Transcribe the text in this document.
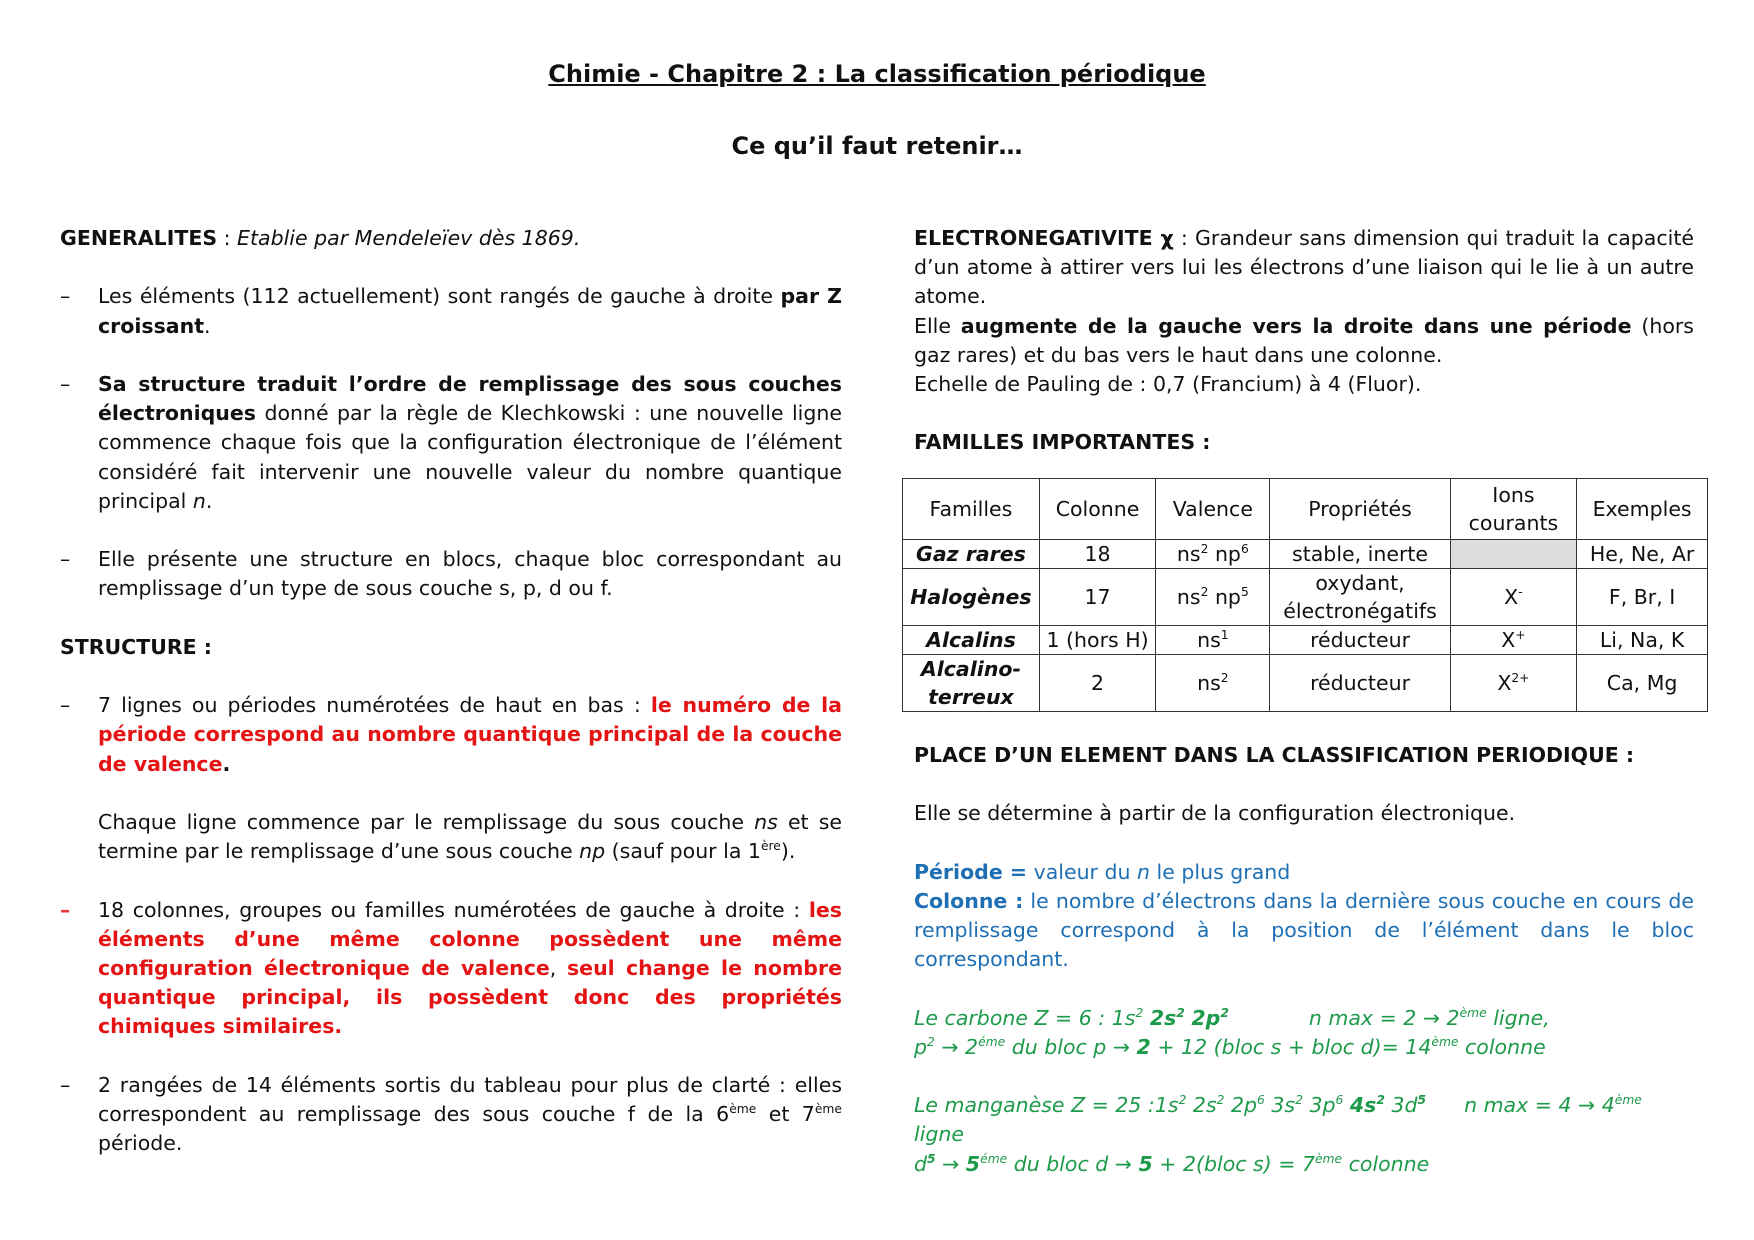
Chimie - Chapitre 2 : La classification périodique
Ce qu’il faut retenir…

GENERALITES : Etablie par Mendeleïev dès 1869.

– Les éléments (112 actuellement) sont rangés de gauche à droite par Z croissant.

– Sa structure traduit l’ordre de remplissage des sous couches électroniques donné par la règle de Klechkowski : une nouvelle ligne commence chaque fois que la configuration électronique de l’élément considéré fait intervenir une nouvelle valeur du nombre quantique principal n.

– Elle présente une structure en blocs, chaque bloc correspondant au remplissage d’un type de sous couche s, p, d ou f.

STRUCTURE :

– 7 lignes ou périodes numérotées de haut en bas : le numéro de la période correspond au nombre quantique principal de la couche de valence.

Chaque ligne commence par le remplissage du sous couche ns et se termine par le remplissage d’une sous couche np (sauf pour la 1ère).

– 18 colonnes, groupes ou familles numérotées de gauche à droite : les éléments d’une même colonne possèdent une même configuration électronique de valence, seul change le nombre quantique principal, ils possèdent donc des propriétés chimiques similaires.

– 2 rangées de 14 éléments sortis du tableau pour plus de clarté : elles correspondent au remplissage des sous couche f de la 6ème et 7ème période.

ELECTRONEGATIVITE χ : Grandeur sans dimension qui traduit la capacité d’un atome à attirer vers lui les électrons d’une liaison qui le lie à un autre atome.

Elle augmente de la gauche vers la droite dans une période (hors gaz rares) et du bas vers le haut dans une colonne.

Echelle de Pauling de : 0,7 (Francium) à 4 (Fluor).

FAMILLES IMPORTANTES :

Familles	Colonne	Valence	Propriétés	Ions courants	Exemples
Gaz rares	18	$ns^2$ $np^6$	stable, inerte		He, Ne, Ar
Halogènes	17	$ns^2$ $np^5$	oxydant, électronégatifs	X-	F, Br, I
Alcalins	1 (hors H)	$ns^1$	réducteur	X+	Li, Na, K
Alcalino-terreux	2	$ns^2$	réducteur	$X^{2+}$	Ca, Mg

PLACE D’UN ELEMENT DANS LA CLASSIFICATION PERIODIQUE :

Elle se détermine à partir de la configuration électronique.

Période = valeur du n le plus grand

Colonne : le nombre d’électrons dans la dernière sous couche en cours de remplissage correspond à la position de l’élément dans le bloc correspondant.

Le carbone Z = 6 : $1s^2$ $2s^2$ $2p^2$	n max = 2 → 2ème ligne,

$p^2 \to 2^{éme}$ du bloc p → 2 + 12 (bloc s + bloc d)= 14ème colonne

Le manganèse Z = 25 $:1s^2$ $2s^2$ $2p^6$ $3s^2$ $3p^6$ $4s^2$ $3d^5$ n max = 4 → 4ème ligne

$d^5 \to 5^{éme}$ du bloc d → 5 + 2(bloc s) = 7ème colonne
